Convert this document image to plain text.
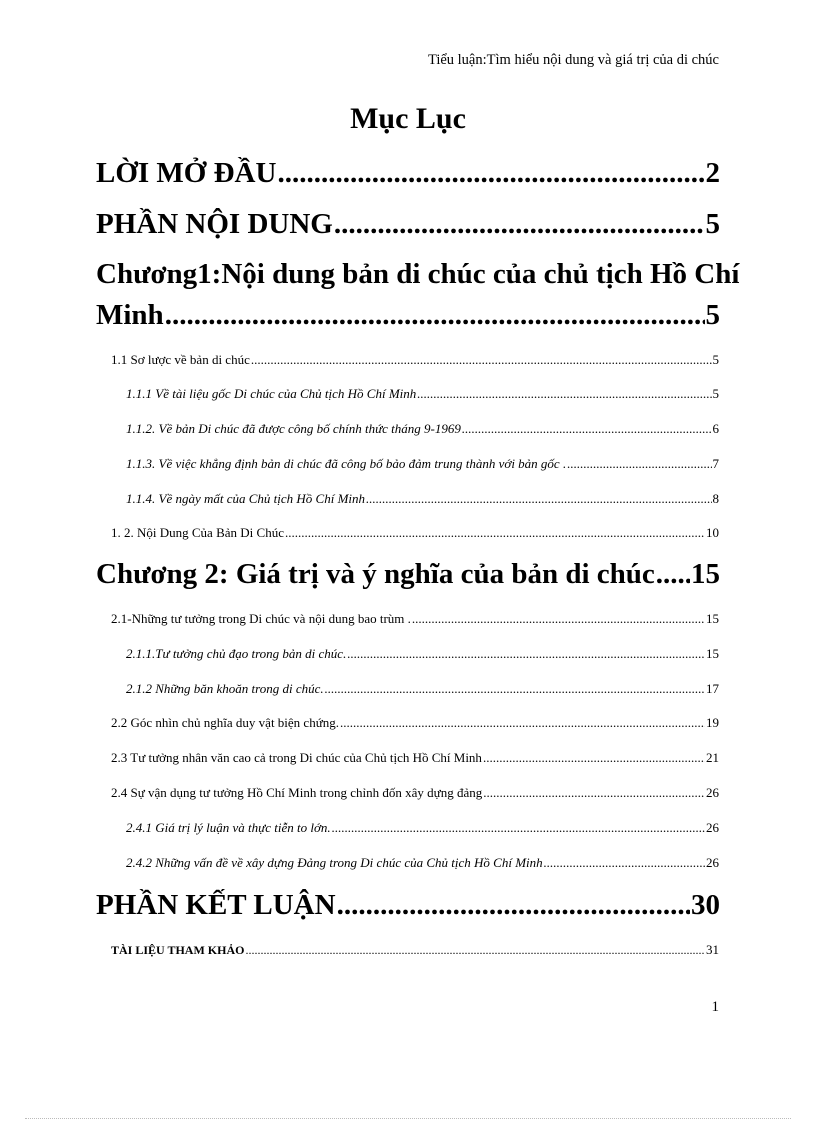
Tiểu luận:Tìm hiểu nội dung và giá trị của di chúc
Mục Lục
LỜI MỞ ĐẦU .....	2
PHẦN NỘI DUNG .....	5
Chương1:Nội dung bản di chúc của chủ tịch Hồ Chí
Minh .....	5
1.1 Sơ lược về bản di chúc .....	5
1.1.1 Về tài liệu gốc Di chúc của Chủ tịch Hồ Chí Minh .....	5
1.1.2. Về bản Di chúc đã được công bố chính thức tháng 9-1969 .....	6
1.1.3. Về việc khẳng định bản di chúc đã công bố bảo đảm trung thành với bản gốc . .....	7
1.1.4. Về ngày mất của Chủ tịch Hồ Chí Minh .....	8
1. 2. Nội Dung Của Bản Di Chúc .....	10
Chương 2: Giá trị và ý nghĩa của bản di chúc ..... 15
2.1-Những tư tưởng trong Di chúc và nội dung bao trùm . .....	15
2.1.1.Tư tưởng chủ đạo trong bản di chúc. .....	15
2.1.2 Những băn khoăn trong di chúc. .....	17
2.2 Góc nhìn chủ nghĩa duy vật biện chứng. .....	19
2.3 Tư tưởng nhân văn cao cả trong Di chúc của Chủ tịch Hồ Chí Minh .....	21
2.4 Sự vận dụng tư tưởng Hồ Chí Minh trong chỉnh đốn xây dựng đảng .....	26
2.4.1 Giá trị lý luận và thực tiễn to lớn. .....	26
2.4.2 Những vấn đề về xây dựng Đảng trong Di chúc của Chủ tịch Hồ Chí Minh .....	26
PHẦN KẾT LUẬN .....	30
TÀI LIỆU THAM KHẢO .....	31
1
